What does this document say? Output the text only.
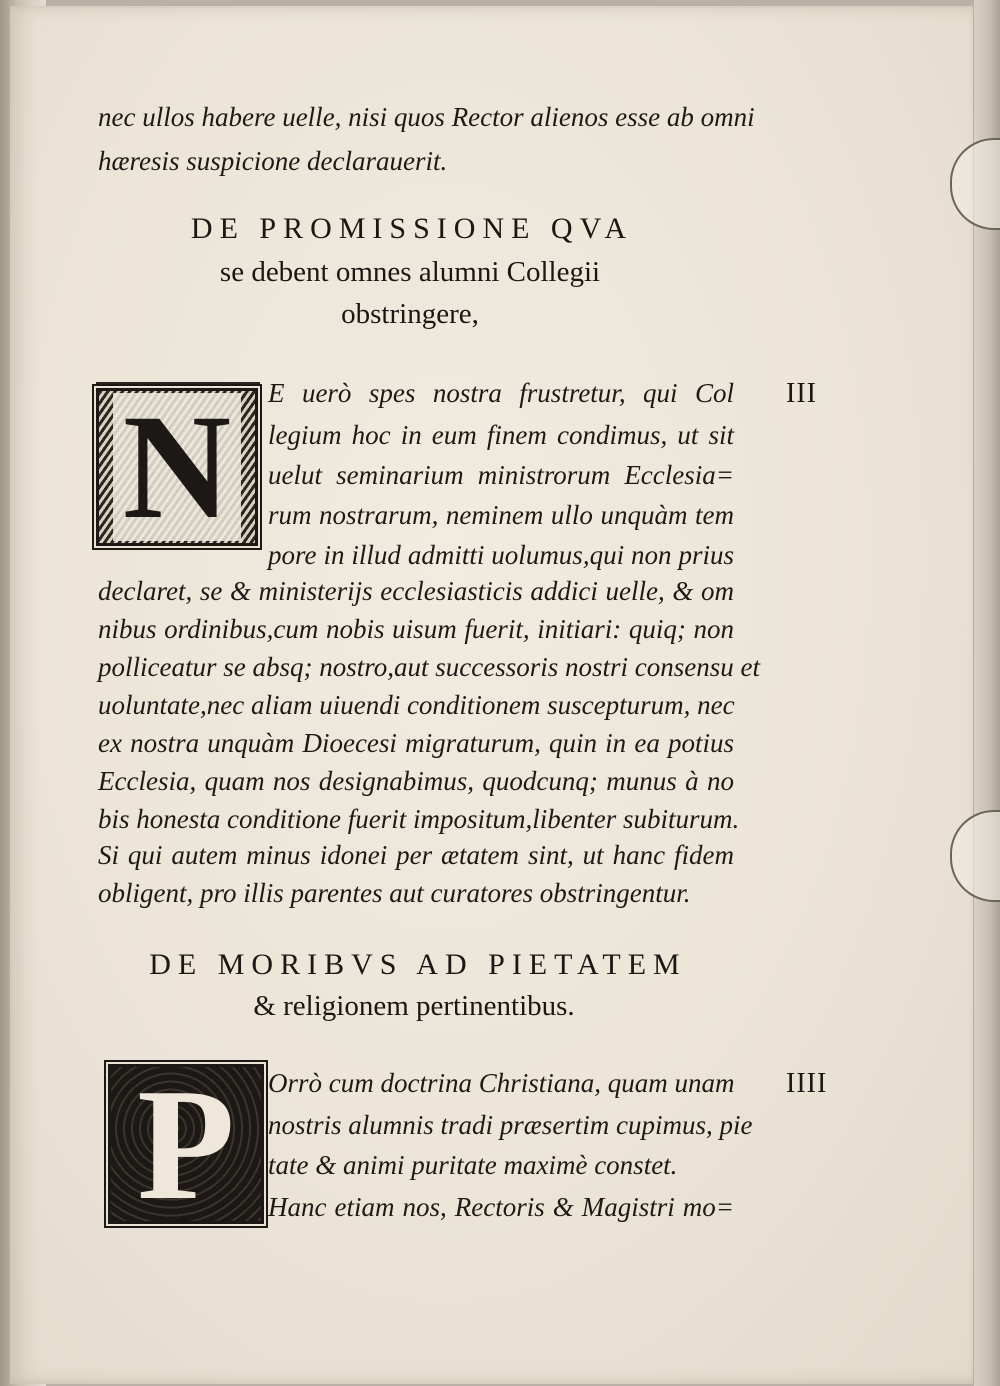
nec ullos habere uelle, nisi quos Rector alienos esse ab omni
hæresis suspicione declarauerit.
DE PROMISSIONE QVA
se debent omnes alumni Collegii
obstringere,
N	III
E uerò spes nostra frustretur, qui Col
legium hoc in eum finem condimus, ut sit
uelut seminarium ministrorum Ecclesia=
rum nostrarum, neminem ullo unquàm tem
pore in illud admitti uolumus,qui non prius
declaret, se & ministerijs ecclesiasticis addici uelle, & om
nibus ordinibus,cum nobis uisum fuerit, initiari: quiq; non
polliceatur se absq; nostro,aut successoris nostri consensu et
uoluntate,nec aliam uiuendi conditionem suscepturum, nec
ex nostra unquàm Dioecesi migraturum, quin in ea potius
Ecclesia, quam nos designabimus, quodcunq; munus à no
bis honesta conditione fuerit impositum,libenter subiturum.
Si qui autem minus idonei per ætatem sint, ut hanc fidem
obligent, pro illis parentes aut curatores obstringentur.
DE MORIBVS AD PIETATEM
& religionem pertinentibus.
P	IIII
Orrò cum doctrina Christiana, quam unam
nostris alumnis tradi præsertim cupimus, pie
tate & animi puritate maximè constet.
Hanc etiam nos, Rectoris & Magistri mo=
